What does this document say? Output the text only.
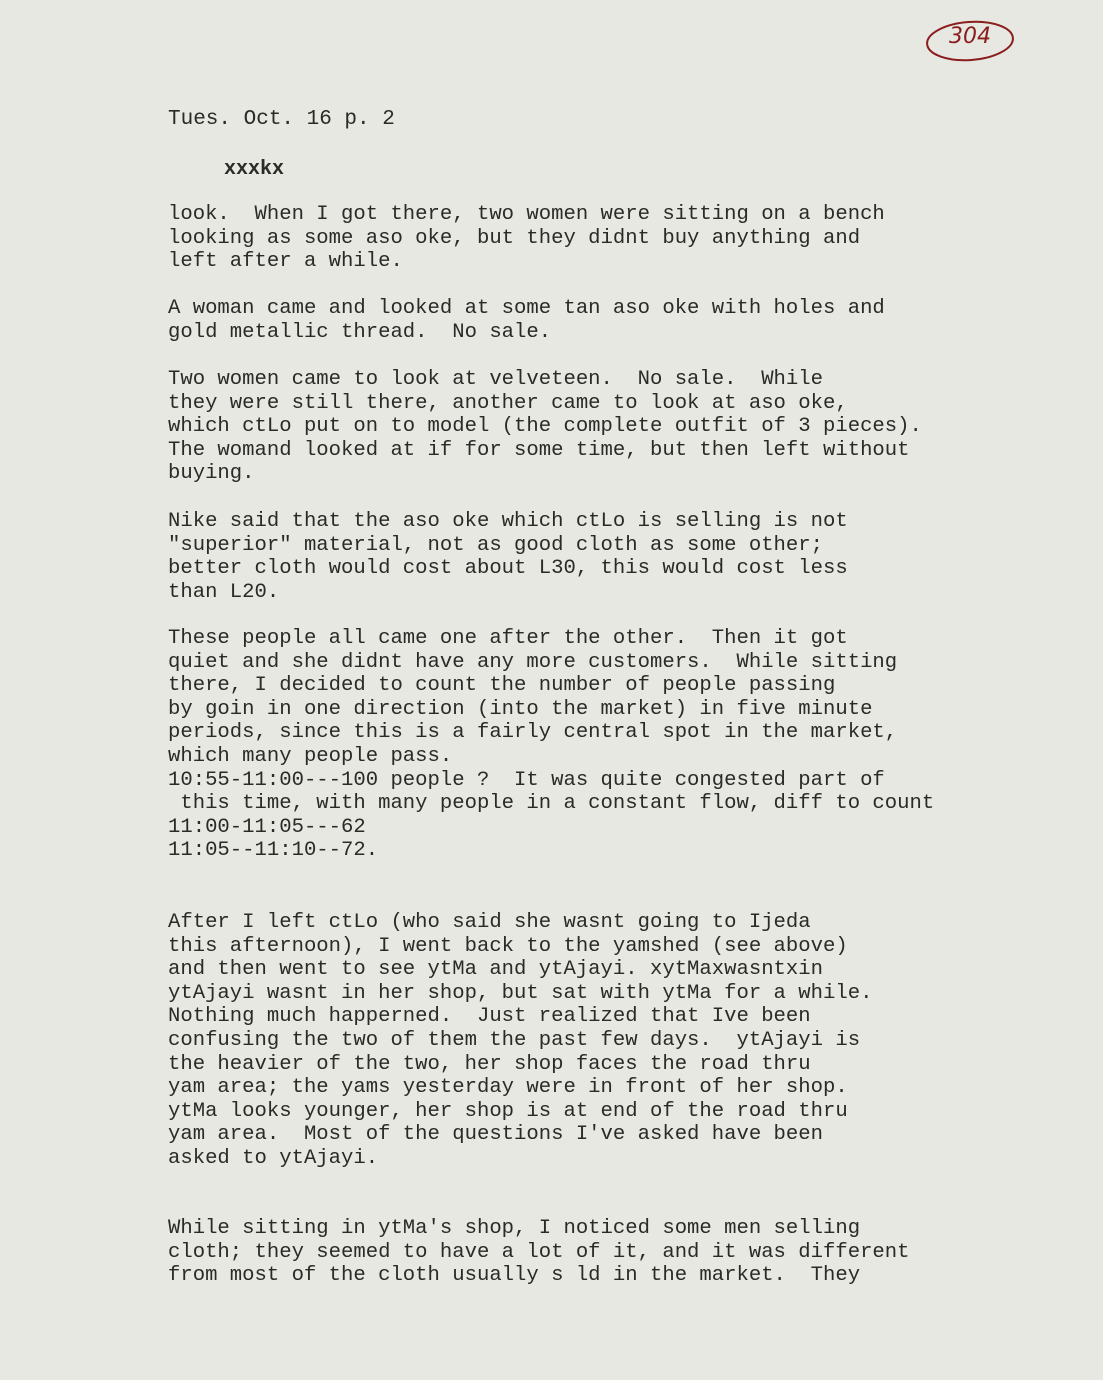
304
Tues. Oct. 16 p. 2
xxxkx

look.  When I got there, two women were sitting on a bench
looking as some aso oke, but they didnt buy anything and
left after a while.

A woman came and looked at some tan aso oke with holes and
gold metallic thread.  No sale.

Two women came to look at velveteen.  No sale.  While
they were still there, another came to look at aso oke,
which ctLo put on to model (the complete outfit of 3 pieces).
The womand looked at if for some time, but then left without
buying.

Nike said that the aso oke which ctLo is selling is not
"superior" material, not as good cloth as some other;
better cloth would cost about L30, this would cost less
than L20.

These people all came one after the other.  Then it got
quiet and she didnt have any more customers.  While sitting
there, I decided to count the number of people passing
by goin in one direction (into the market) in five minute
periods, since this is a fairly central spot in the market,
which many people pass.
10:55-11:00---100 people ?  It was quite congested part of
this time, with many people in a constant flow, diff to count
11:00-11:05---62
11:05--11:10--72.

After I left ctLo (who said she wasnt going to Ijeda
this afternoon), I went back to the yamshed (see above)
and then went to see ytMa and ytAjayi. xytMaxwasntxin
ytAjayi wasnt in her shop, but sat with ytMa for a while.
Nothing much happerned.  Just realized that Ive been
confusing the two of them the past few days.  ytAjayi is
the heavier of the two, her shop faces the road thru
yam area; the yams yesterday were in front of her shop.
ytMa looks younger, her shop is at end of the road thru
yam area.  Most of the questions I've asked have been
asked to ytAjayi.

While sitting in ytMa's shop, I noticed some men selling
cloth; they seemed to have a lot of it, and it was different
from most of the cloth usually s ld in the market.  They
